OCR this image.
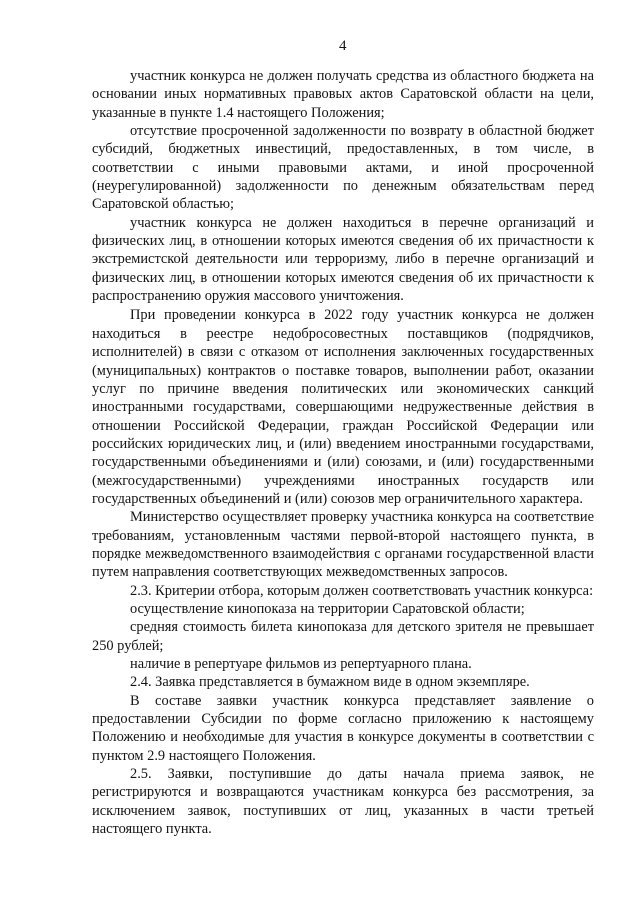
4

участник конкурса не должен получать средства из областного бюджета на основании иных нормативных правовых актов Саратовской области на цели, указанные в пункте 1.4 настоящего Положения;

отсутствие просроченной задолженности по возврату в областной бюджет субсидий, бюджетных инвестиций, предоставленных, в том числе, в соответствии с иными правовыми актами, и иной просроченной (неурегулированной) задолженности по денежным обязательствам перед Саратовской областью;

участник конкурса не должен находиться в перечне организаций и физических лиц, в отношении которых имеются сведения об их причастности к экстремистской деятельности или терроризму, либо в перечне организаций и физических лиц, в отношении которых имеются сведения об их причастности к распространению оружия массового уничтожения.

При проведении конкурса в 2022 году участник конкурса не должен находиться в реестре недобросовестных поставщиков (подрядчиков, исполнителей) в связи с отказом от исполнения заключенных государственных (муниципальных) контрактов о поставке товаров, выполнении работ, оказании услуг по причине введения политических или экономических санкций иностранными государствами, совершающими недружественные действия в отношении Российской Федерации, граждан Российской Федерации или российских юридических лиц, и (или) введением иностранными государствами, государственными объединениями и (или) союзами, и (или) государственными (межгосударственными) учреждениями иностранных государств или государственных объединений и (или) союзов мер ограничительного характера.

Министерство осуществляет проверку участника конкурса на соответствие требованиям, установленным частями первой-второй настоящего пункта, в порядке межведомственного взаимодействия с органами государственной власти путем направления соответствующих межведомственных запросов.

2.3. Критерии отбора, которым должен соответствовать участник конкурса:

осуществление кинопоказа на территории Саратовской области;

средняя стоимость билета кинопоказа для детского зрителя не превышает 250 рублей;

наличие в репертуаре фильмов из репертуарного плана.

2.4. Заявка представляется в бумажном виде в одном экземпляре.

В составе заявки участник конкурса представляет заявление о предоставлении Субсидии по форме согласно приложению к настоящему Положению и необходимые для участия в конкурсе документы в соответствии с пунктом 2.9 настоящего Положения.

2.5. Заявки, поступившие до даты начала приема заявок, не регистрируются и возвращаются участникам конкурса без рассмотрения, за исключением заявок, поступивших от лиц, указанных в части третьей настоящего пункта.
